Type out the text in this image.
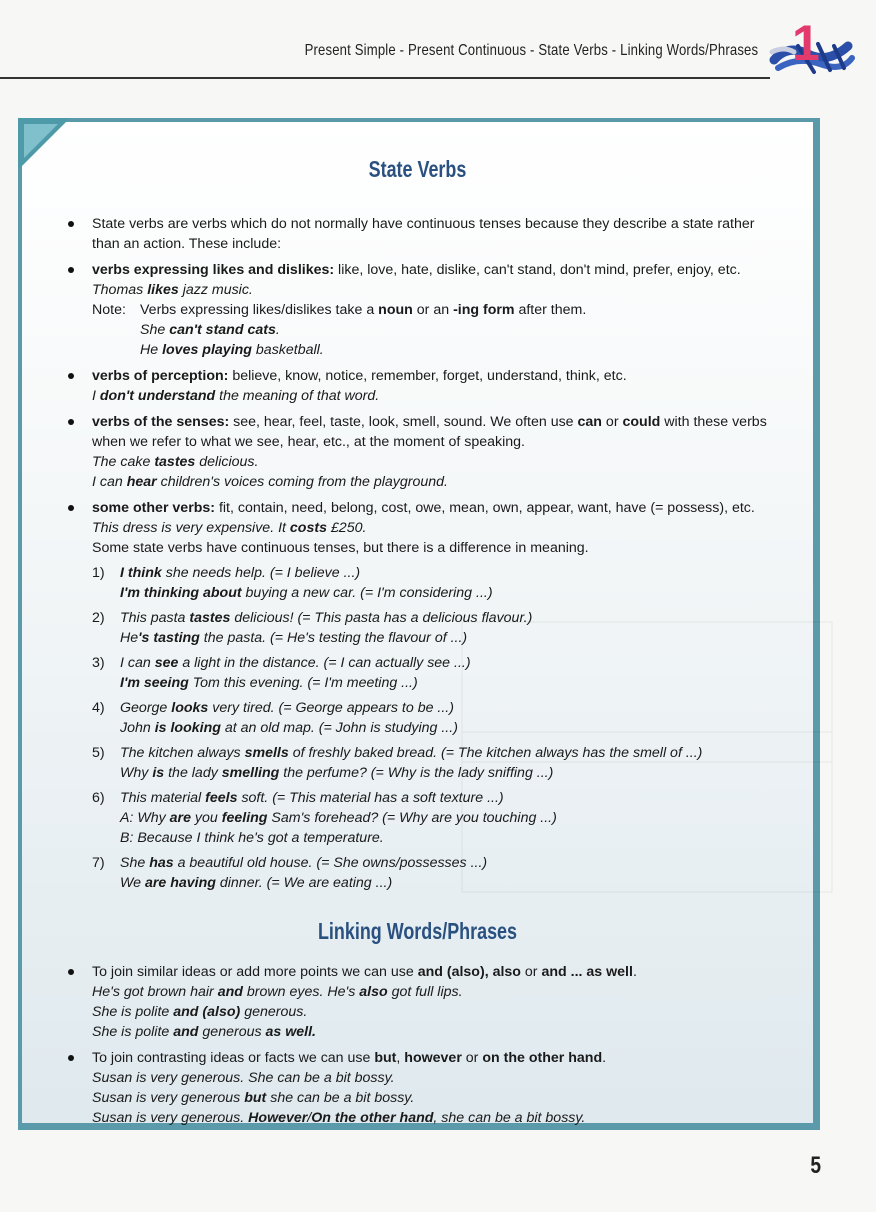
Present Simple - Present Continuous - State Verbs - Linking Words/Phrases 1
State Verbs
State verbs are verbs which do not normally have continuous tenses because they describe a state rather
than an action. These include:
verbs expressing likes and dislikes: like, love, hate, dislike, can't stand, don't mind, prefer, enjoy, etc.
Thomas likes jazz music.
Note: Verbs expressing likes/dislikes take a noun or an -ing form after them.
She can't stand cats.
He loves playing basketball.
verbs of perception: believe, know, notice, remember, forget, understand, think, etc.
I don't understand the meaning of that word.
verbs of the senses: see, hear, feel, taste, look, smell, sound. We often use can or could with these verbs
when we refer to what we see, hear, etc., at the moment of speaking.
The cake tastes delicious.
I can hear children's voices coming from the playground.
some other verbs: fit, contain, need, belong, cost, owe, mean, own, appear, want, have (= possess), etc.
This dress is very expensive. It costs £250.
Some state verbs have continuous tenses, but there is a difference in meaning.
1)	I think she needs help. (= I believe ...)
I'm thinking about buying a new car. (= I'm considering ...)
2)	This pasta tastes delicious! (= This pasta has a delicious flavour.)
He's tasting the pasta. (= He's testing the flavour of ...)
3)	I can see a light in the distance. (= I can actually see ...)
I'm seeing Tom this evening. (= I'm meeting ...)
4)	George looks very tired. (= George appears to be ...)
John is looking at an old map. (= John is studying ...)
5)	The kitchen always smells of freshly baked bread. (= The kitchen always has the smell of ...)
Why is the lady smelling the perfume? (= Why is the lady sniffing ...)
6)	This material feels soft. (= This material has a soft texture ...)
A: Why are you feeling Sam's forehead? (= Why are you touching ...)
B: Because I think he's got a temperature.
7)	She has a beautiful old house. (= She owns/possesses ...)
We are having dinner. (= We are eating ...)
Linking Words/Phrases
To join similar ideas or add more points we can use and (also), also or and ... as well.
He's got brown hair and brown eyes. He's also got full lips.
She is polite and (also) generous.
She is polite and generous as well.
To join contrasting ideas or facts we can use but, however or on the other hand.
Susan is very generous. She can be a bit bossy.
Susan is very generous but she can be a bit bossy.
Susan is very generous. However/On the other hand, she can be a bit bossy.
5
